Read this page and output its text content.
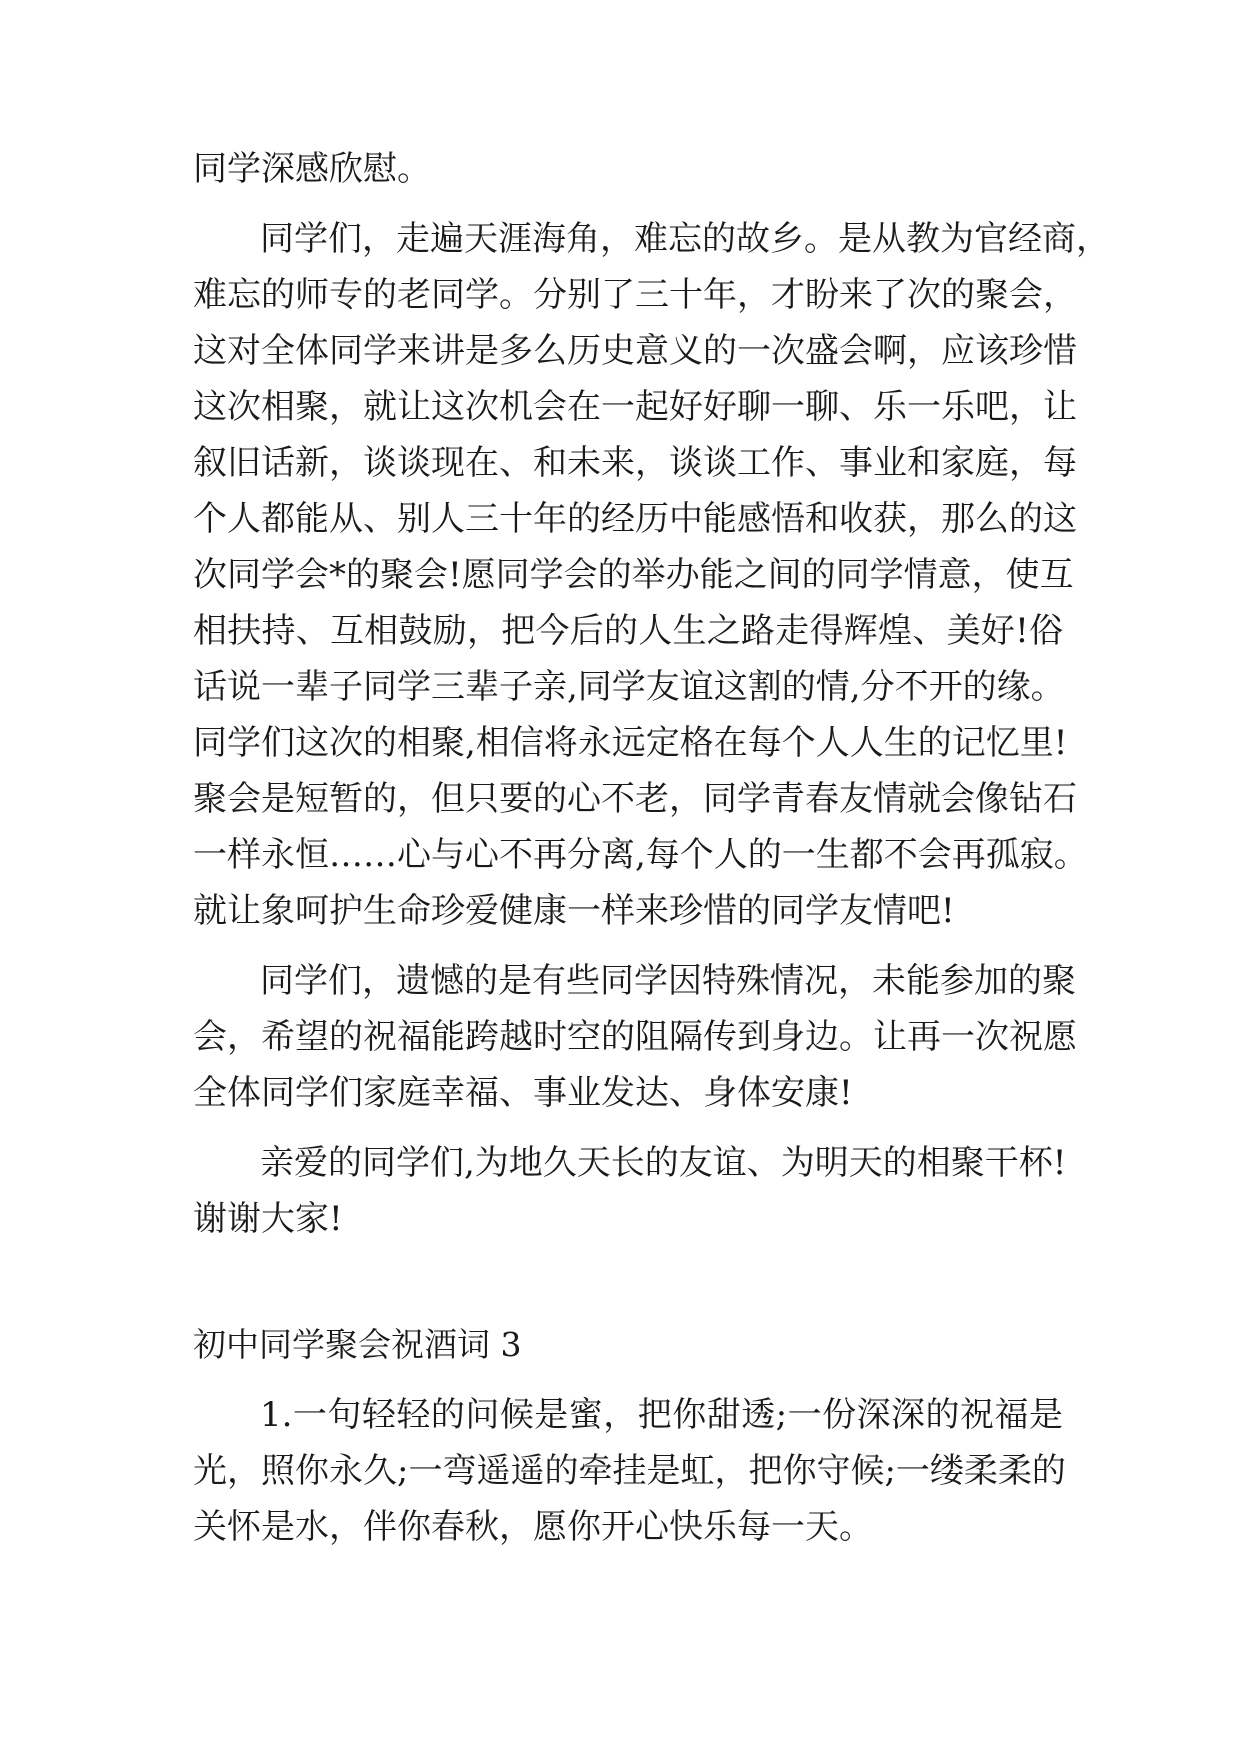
同学深感欣慰。
同学们，走遍天涯海角，难忘的故乡。是从教为官经商，
难忘的师专的老同学。分别了三十年，才盼来了次的聚会，
这对全体同学来讲是多么历史意义的一次盛会啊，应该珍惜
这次相聚，就让这次机会在一起好好聊一聊、乐一乐吧，让
叙旧话新，谈谈现在、和未来，谈谈工作、事业和家庭，每
个人都能从、别人三十年的经历中能感悟和收获，那么的这
次同学会*的聚会!愿同学会的举办能之间的同学情意，使互
相扶持、互相鼓励，把今后的人生之路走得辉煌、美好!俗
话说一辈子同学三辈子亲,同学友谊这割的情,分不开的缘。
同学们这次的相聚,相信将永远定格在每个人人生的记忆里!
聚会是短暂的，但只要的心不老，同学青春友情就会像钻石
一样永恒……心与心不再分离,每个人的一生都不会再孤寂。
就让象呵护生命珍爱健康一样来珍惜的同学友情吧!
同学们，遗憾的是有些同学因特殊情况，未能参加的聚
会，希望的祝福能跨越时空的阻隔传到身边。让再一次祝愿
全体同学们家庭幸福、事业发达、身体安康!
亲爱的同学们,为地久天长的友谊、为明天的相聚干杯!
谢谢大家!
初中同学聚会祝酒词 3
1.一句轻轻的问候是蜜，把你甜透;一份深深的祝福是
光，照你永久;一弯遥遥的牵挂是虹，把你守候;一缕柔柔的
关怀是水，伴你春秋，愿你开心快乐每一天。
